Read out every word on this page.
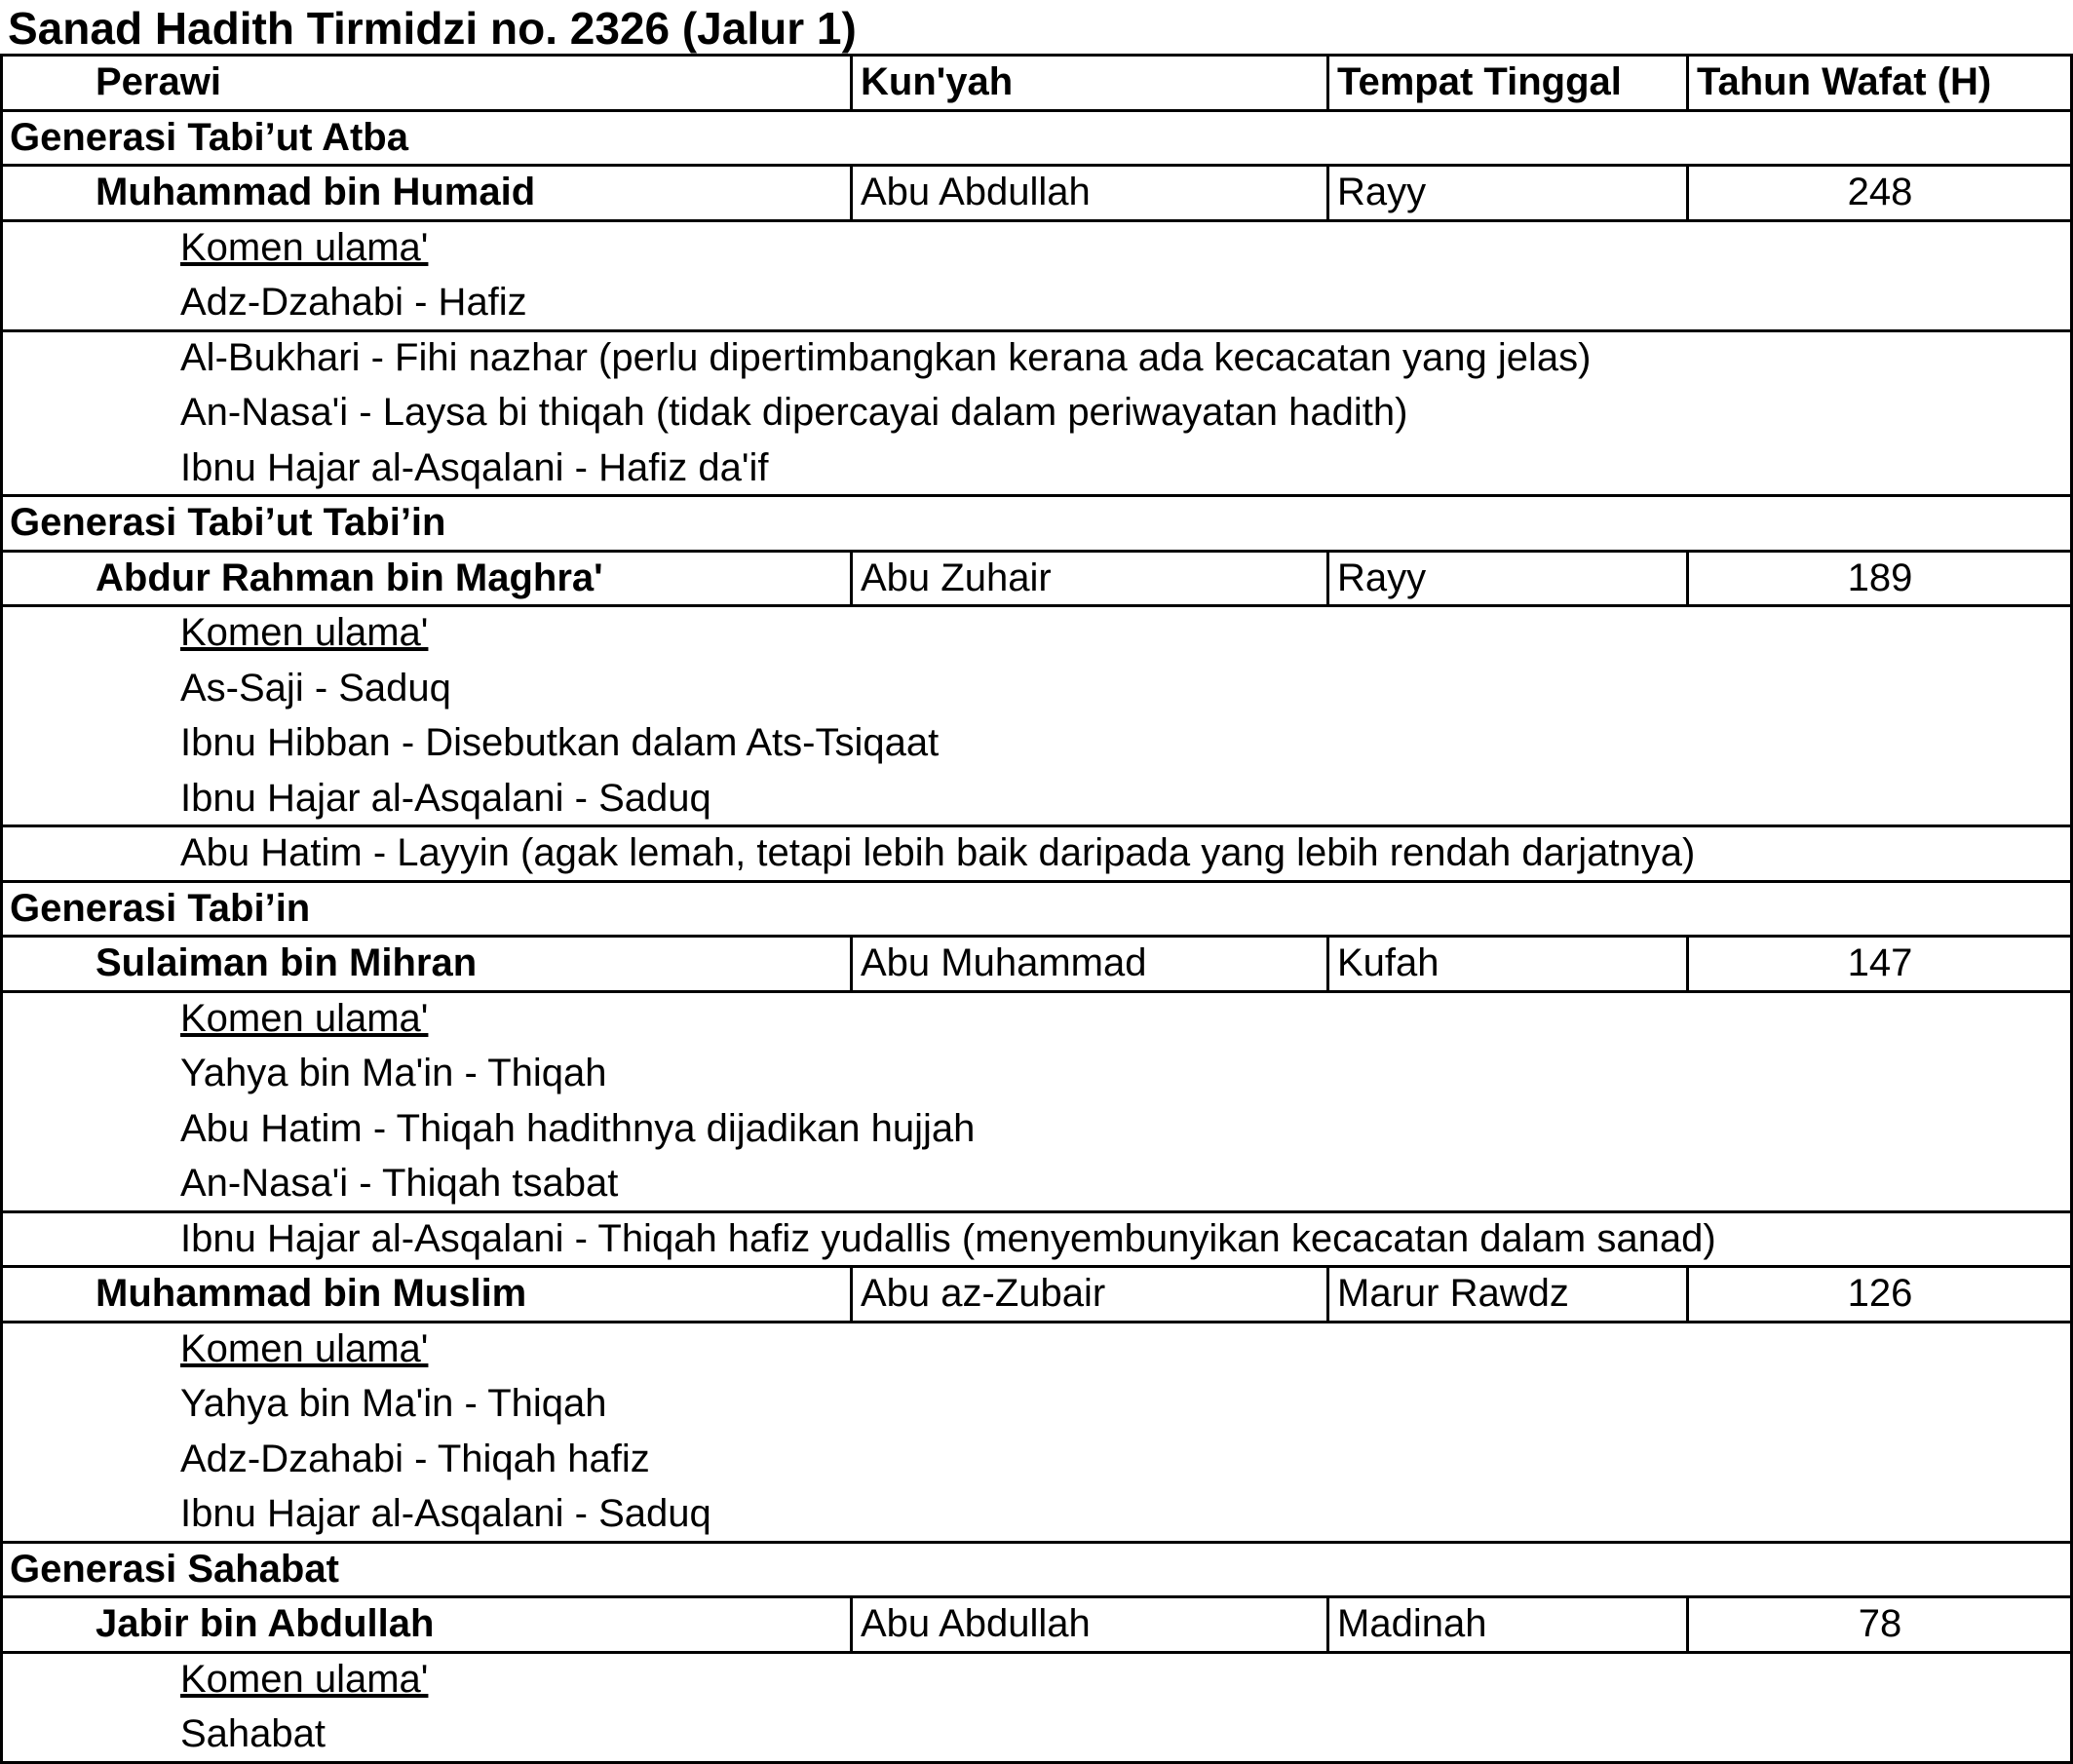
Sanad Hadith Tirmidzi no. 2326 (Jalur 1)
Perawi	Kun'yah	Tempat Tinggal	Tahun Wafat (H)
Generasi Tabi’ut Atba
Muhammad bin Humaid	Abu Abdullah	Rayy	248
Komen ulama'
Adz-Dzahabi - Hafiz
Al-Bukhari - Fihi nazhar (perlu dipertimbangkan kerana ada kecacatan yang jelas)
An-Nasa'i - Laysa bi thiqah (tidak dipercayai dalam periwayatan hadith)
Ibnu Hajar al-Asqalani - Hafiz da'if
Generasi Tabi’ut Tabi’in
Abdur Rahman bin Maghra'	Abu Zuhair	Rayy	189
Komen ulama'
As-Saji - Saduq
Ibnu Hibban - Disebutkan dalam Ats-Tsiqaat
Ibnu Hajar al-Asqalani - Saduq
Abu Hatim - Layyin (agak lemah, tetapi lebih baik daripada yang lebih rendah darjatnya)
Generasi Tabi’in
Sulaiman bin Mihran	Abu Muhammad	Kufah	147
Komen ulama'
Yahya bin Ma'in - Thiqah
Abu Hatim - Thiqah hadithnya dijadikan hujjah
An-Nasa'i - Thiqah tsabat
Ibnu Hajar al-Asqalani - Thiqah hafiz yudallis (menyembunyikan kecacatan dalam sanad)
Muhammad bin Muslim	Abu az-Zubair	Marur Rawdz	126
Komen ulama'
Yahya bin Ma'in - Thiqah
Adz-Dzahabi - Thiqah hafiz
Ibnu Hajar al-Asqalani - Saduq
Generasi Sahabat
Jabir bin Abdullah	Abu Abdullah	Madinah	78
Komen ulama'
Sahabat
